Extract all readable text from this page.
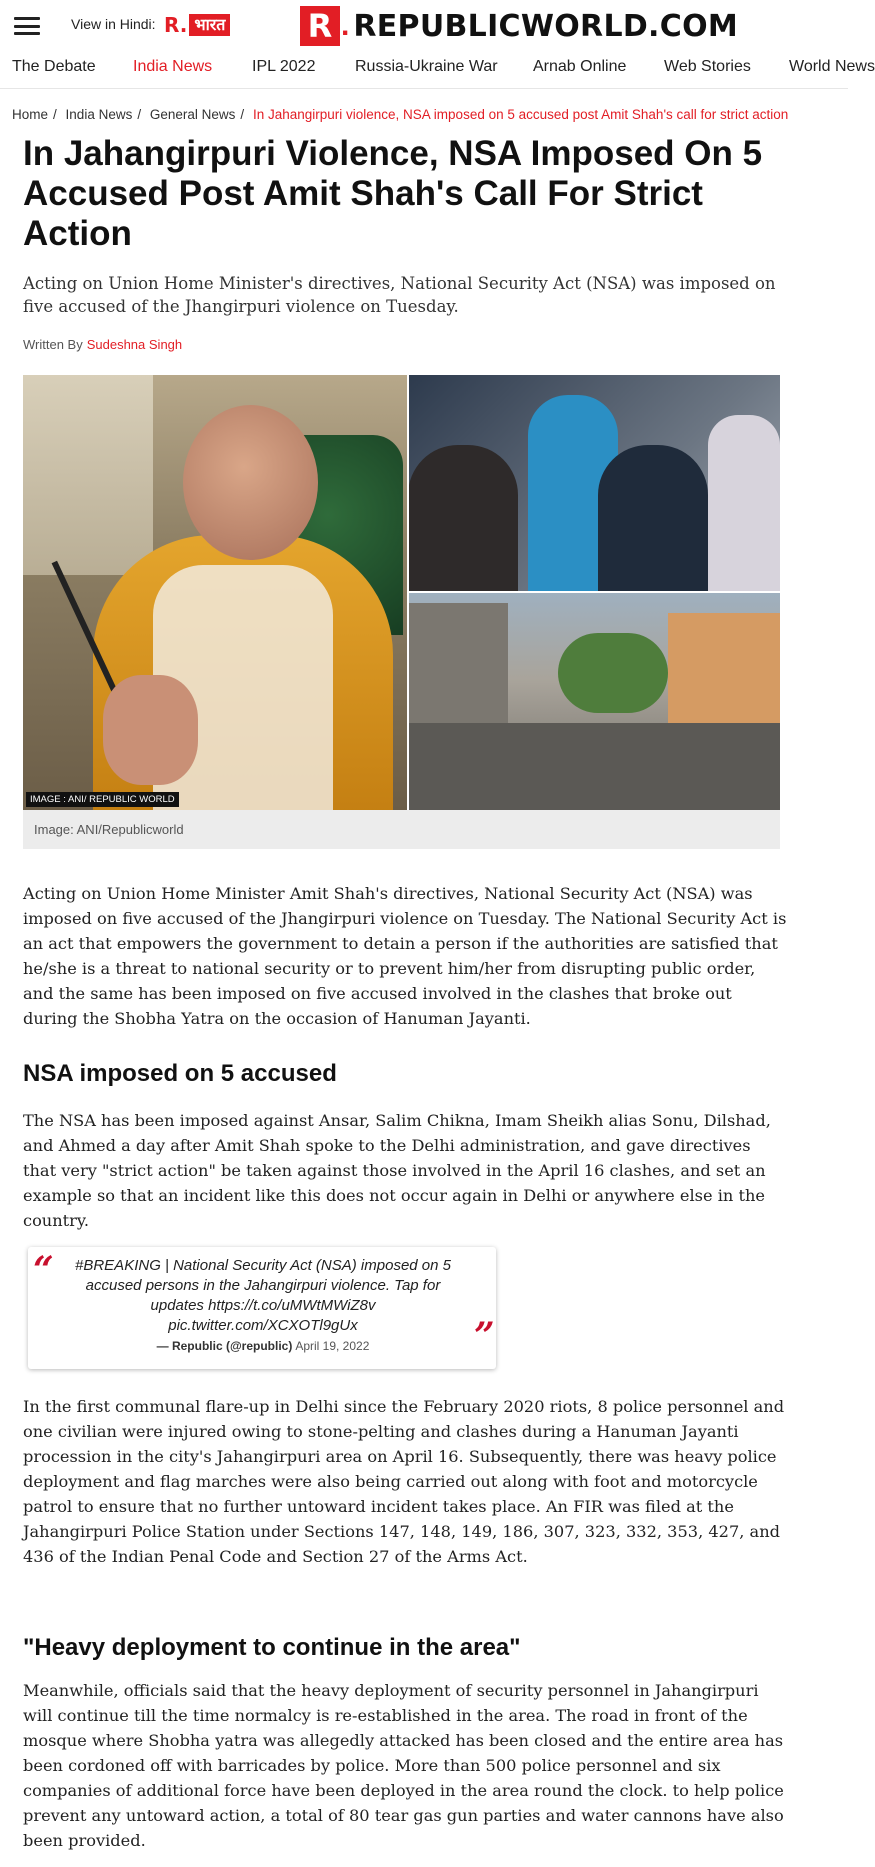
View in Hindi: R. भारत	R . REPUBLICWORLD.COM
The Debate India News IPL 2022 Russia-Ukraine War Arnab Online Web Stories World News
Home / India News / General News / In Jahangirpuri violence, NSA imposed on 5 accused post Amit Shah's call for strict action
In Jahangirpuri Violence, NSA Imposed On 5 Accused Post Amit Shah's Call For Strict Action

Acting on Union Home Minister's directives, National Security Act (NSA) was imposed on five accused of the Jhangirpuri violence on Tuesday.

Written By Sudeshna Singh
IMAGE : ANI/ REPUBLIC WORLD
Image: ANI/Republicworld

Acting on Union Home Minister Amit Shah's directives, National Security Act (NSA) was imposed on five accused of the Jhangirpuri violence on Tuesday. The National Security Act is an act that empowers the government to detain a person if the authorities are satisfied that he/she is a threat to national security or to prevent him/her from disrupting public order, and the same has been imposed on five accused involved in the clashes that broke out during the Shobha Yatra on the occasion of Hanuman Jayanti.

NSA imposed on 5 accused

The NSA has been imposed against Ansar, Salim Chikna, Imam Sheikh alias Sonu, Dilshad, and Ahmed a day after Amit Shah spoke to the Delhi administration, and gave directives that very "strict action" be taken against those involved in the April 16 clashes, and set an example so that an incident like this does not occur again in Delhi or anywhere else in the country.

“	#BREAKING | National Security Act (NSA) imposed on 5 accused persons in the Jahangirpuri violence. Tap for updates https://t.co/uMWtMWiZ8v pic.twitter.com/XCXOTl9gUx
— Republic (@republic) April 19, 2022	”

In the first communal flare-up in Delhi since the February 2020 riots, 8 police personnel and one civilian were injured owing to stone-pelting and clashes during a Hanuman Jayanti procession in the city's Jahangirpuri area on April 16. Subsequently, there was heavy police deployment and flag marches were also being carried out along with foot and motorcycle patrol to ensure that no further untoward incident takes place. An FIR was filed at the Jahangirpuri Police Station under Sections 147, 148, 149, 186, 307, 323, 332, 353, 427, and 436 of the Indian Penal Code and Section 27 of the Arms Act.

"Heavy deployment to continue in the area"

Meanwhile, officials said that the heavy deployment of security personnel in Jahangirpuri will continue till the time normalcy is re-established in the area. The road in front of the mosque where Shobha yatra was allegedly attacked has been closed and the entire area has been cordoned off with barricades by police. More than 500 police personnel and six companies of additional force have been deployed in the area round the clock. to help police prevent any untoward action, a total of 80 tear gas gun parties and water cannons have also been provided.
